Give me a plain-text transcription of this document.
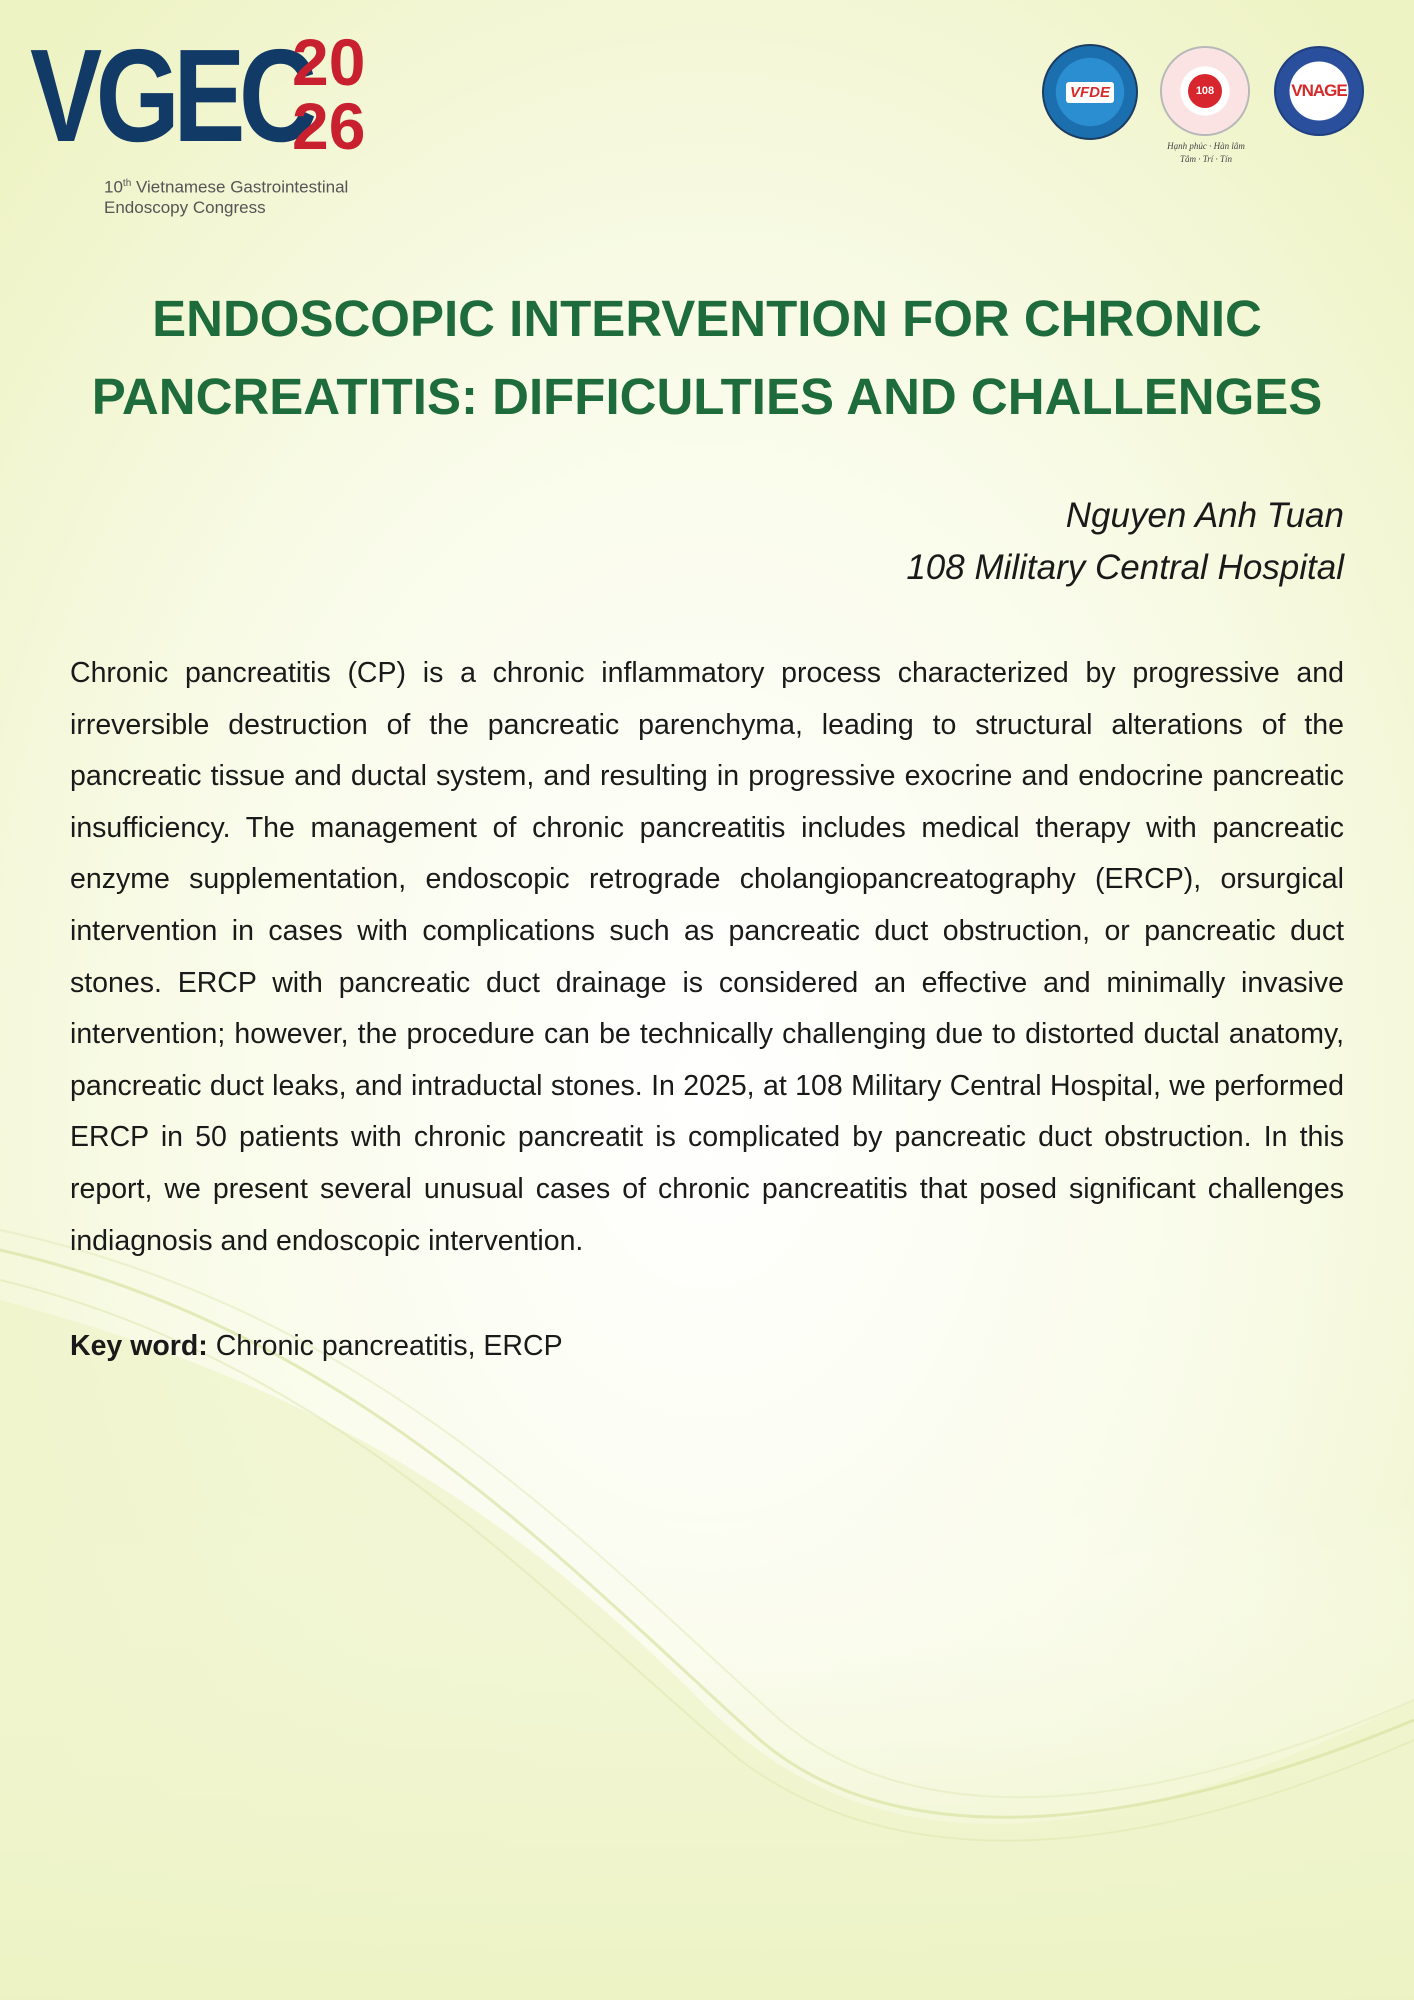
VGEC
20
26
10th Vietnamese Gastrointestinal
Endoscopy Congress
VFDE	108
Hạnh phúc · Hàn lâm
Tâm · Trí · Tín
VNAGE
ENDOSCOPIC INTERVENTION FOR CHRONIC
PANCREATITIS: DIFFICULTIES AND CHALLENGES
Nguyen Anh Tuan
108 Military Central Hospital

Chronic pancreatitis (CP) is a chronic inflammatory process characterized by progressive and irreversible destruction of the pancreatic parenchyma, leading to structural alterations of the pancreatic tissue and ductal system, and resulting in progressive exocrine and endocrine pancreatic insufficiency. The management of chronic pancreatitis includes medical therapy with pancreatic enzyme supplementation, endoscopic retrograde cholangiopancreatography (ERCP), orsurgical intervention in cases with complications such as pancreatic duct obstruction, or pancreatic duct stones. ERCP with pancreatic duct drainage is considered an effective and minimally invasive intervention; however, the procedure can be technically challenging due to distorted ductal anatomy, pancreatic duct leaks, and intraductal stones. In 2025, at 108 Military Central Hospital, we performed ERCP in 50 patients with chronic pancreatit is complicated by pancreatic duct obstruction. In this report, we present several unusual cases of chronic pancreatitis that posed significant challenges indiagnosis and endoscopic intervention.

Key word: Chronic pancreatitis, ERCP
